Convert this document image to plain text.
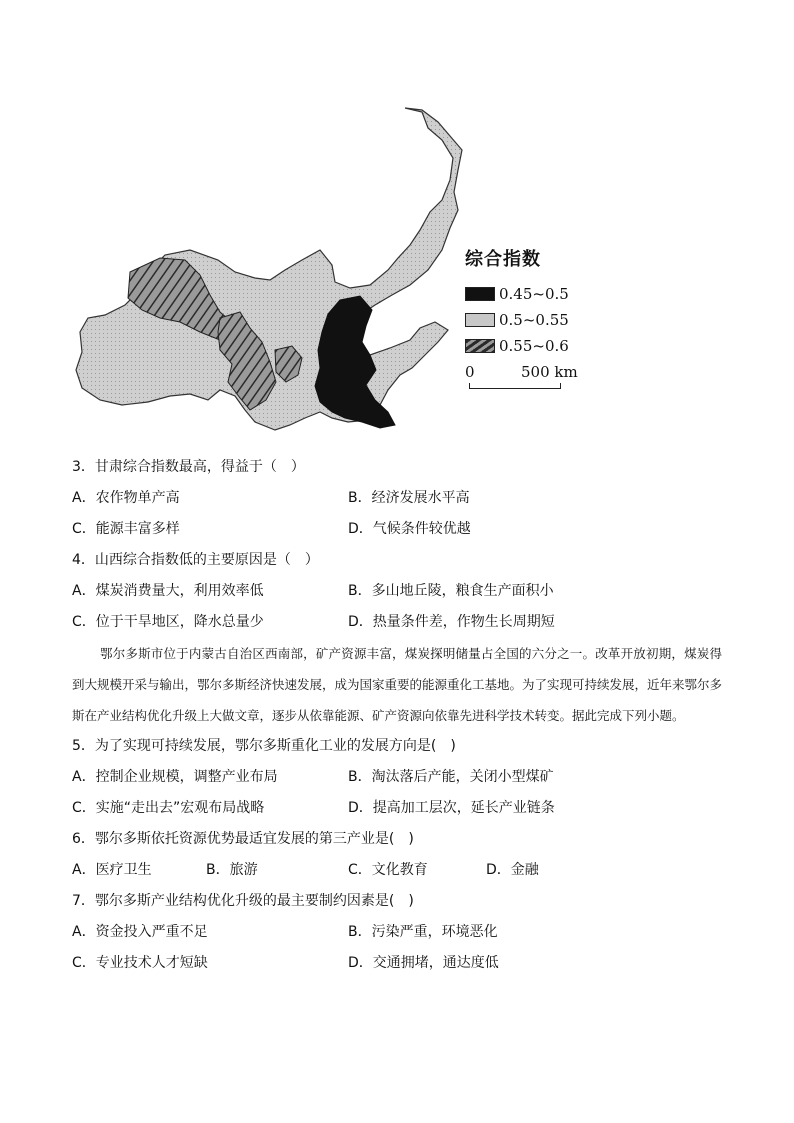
综合指数
0.45~0.5
0.5~0.55
0.55~0.6
0	500 km
3．甘肃综合指数最高，得益于（　）
A．农作物单产高	B．经济发展水平高
C．能源丰富多样	D．气候条件较优越
4．山西综合指数低的主要原因是（　）
A．煤炭消费量大，利用效率低	B．多山地丘陵，粮食生产面积小
C．位于干旱地区，降水总量少	D．热量条件差，作物生长周期短

鄂尔多斯市位于内蒙古自治区西南部，矿产资源丰富，煤炭探明储量占全国的六分之一。改革开放初期，煤炭得到大规模开采与输出，鄂尔多斯经济快速发展，成为国家重要的能源重化工基地。为了实现可持续发展，近年来鄂尔多斯在产业结构优化升级上大做文章，逐步从依靠能源、矿产资源向依靠先进科学技术转变。据此完成下列小题。

5．为了实现可持续发展，鄂尔多斯重化工业的发展方向是(　)
A．控制企业规模，调整产业布局	B．淘汰落后产能，关闭小型煤矿
C．实施“走出去”宏观布局战略	D．提高加工层次，延长产业链条
6．鄂尔多斯依托资源优势最适宜发展的第三产业是(　)
A．医疗卫生	B．旅游	C．文化教育	D．金融
7．鄂尔多斯产业结构优化升级的最主要制约因素是(　)
A．资金投入严重不足	B．污染严重，环境恶化
C．专业技术人才短缺	D．交通拥堵，通达度低
